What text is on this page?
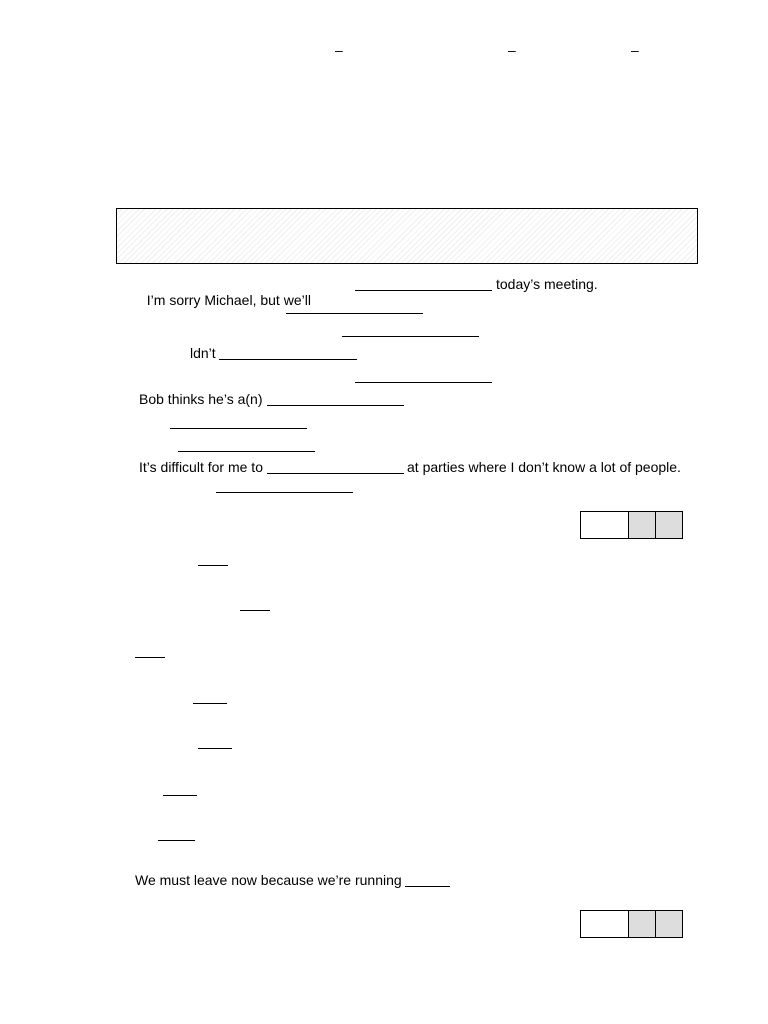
–	–	–

I’m sorry Michael, but we’ll

today’s meeting.
ldn’t
Bob thinks he’s a(n)
It’s difficult for me to	at parties where I don’t know a lot of people.
We must leave now because we’re running
